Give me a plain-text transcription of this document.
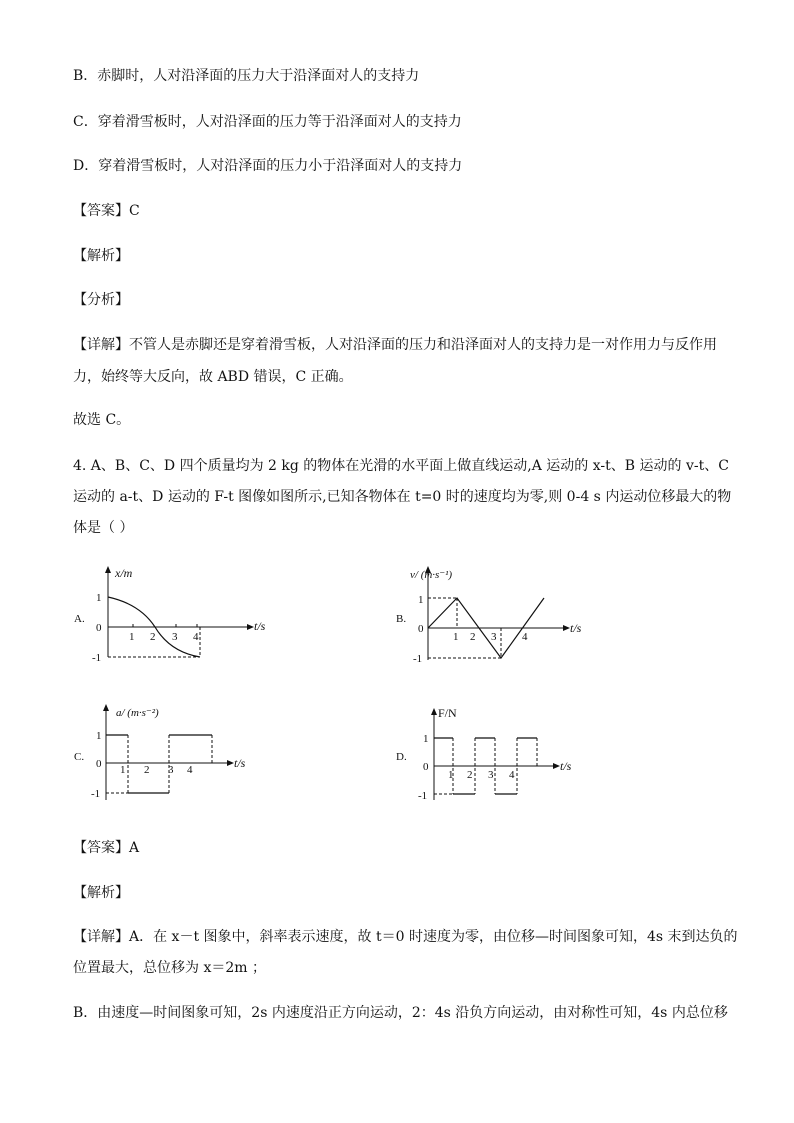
B．赤脚时，人对沿泽面的压力大于沿泽面对人的支持力
C．穿着滑雪板时，人对沿泽面的压力等于沿泽面对人的支持力
D．穿着滑雪板时，人对沿泽面的压力小于沿泽面对人的支持力
【答案】C
【解析】
【分析】
【详解】不管人是赤脚还是穿着滑雪板，人对沿泽面的压力和沿泽面对人的支持力是一对作用力与反作用
力，始终等大反向，故 ABD 错误，C 正确。
故选 C。
4. A、B、C、D 四个质量均为 2 kg 的物体在光滑的水平面上做直线运动,A 运动的 x-t、B 运动的 v-t、C
运动的 a-t、D 运动的 F-t 图像如图所示,已知各物体在 t=0 时的速度均为零,则 0-4 s 内运动位移最大的物
体是（ ）
【答案】A
【解析】
【详解】A．在 x－t 图象中，斜率表示速度，故 t＝0 时速度为零，由位移—时间图象可知，4s 末到达负的
位置最大，总位移为 x＝2m ；
B．由速度—时间图象可知，2s 内速度沿正方向运动，2：4s 沿负方向运动，由对称性可知，4s 内总位移
A.
x/m
t/s
1
0
-1
1 2 3 4
B.
v/ (m·s⁻¹)
t/s
1
0
-1
1 2 3 4
C.
a/ (m·s⁻²)
t/s
1
0
-1
1 2 3 4
D.
F/N
t/s
1
0
-1
1 2 3 4
